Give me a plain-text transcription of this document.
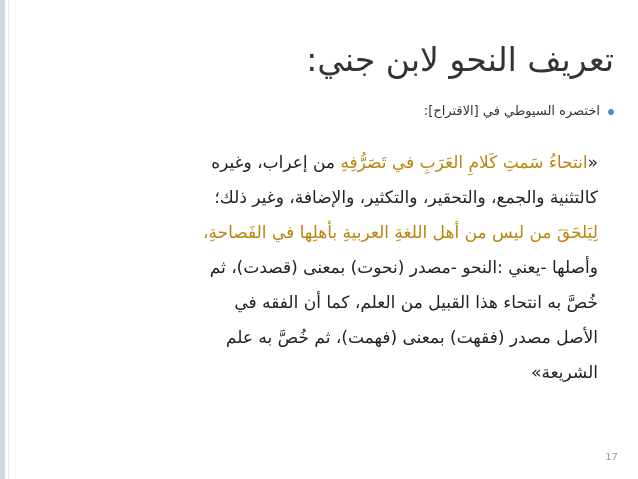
تعريف النحو لابن جني:
اختصره السيوطي في [الاقتراح]:
«انتحاءُ سَمتِ كَلامِ العَرَبِ في تَصَرُّفِهِ من إعراب، وغيره
كالتثنية والجمع، والتحقير، والتكثير، والإضافة، وغير ذلك؛
لِيَلحَقَ من ليس من أهل اللغةِ العربيةِ بأهلِها في الفَصاحةِ،
وأصلها -يعني :النحو -مصدر (نحوت) بمعنى (قصدت)، ثم
خُصَّ به انتحاء هذا القبيل من العلم، كما أن الفقه في
الأصل مصدر (فقهت) بمعنى (فهمت)، ثم خُصَّ به علم
الشريعة»
17
